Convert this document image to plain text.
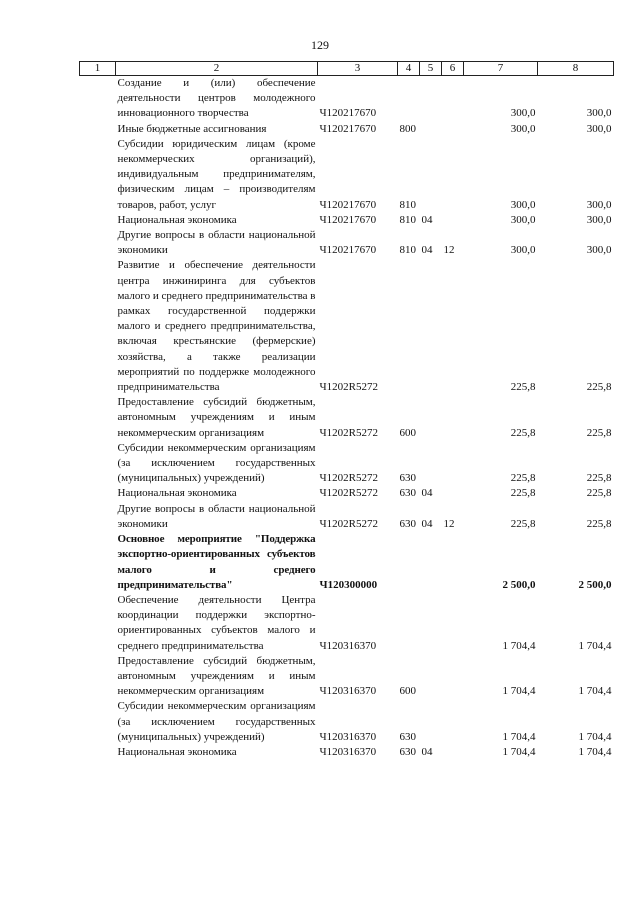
129
1	2	3	4	5	6	7	8
	Создание и (или) обеспечение деятельности центров молодежного инновационного творчества	Ч120217670				300,0	300,0
	Иные бюджетные ассигнования	Ч120217670	800			300,0	300,0
	Субсидии юридическим лицам (кроме некоммерческих организаций), индивидуальным предпринимателям, физическим лицам – производителям товаров, работ, услуг	Ч120217670	810			300,0	300,0
	Национальная экономика	Ч120217670	810	04		300,0	300,0
	Другие вопросы в области национальной экономики	Ч120217670	810	04	12	300,0	300,0
	Развитие и обеспечение деятельности центра инжиниринга для субъектов малого и среднего предпринимательства в рамках государственной поддержки малого и среднего предпринимательства, включая крестьянские (фермерские) хозяйства, а также реализации мероприятий по поддержке молодежного предпринимательства	Ч1202R5272				225,8	225,8
	Предоставление субсидий бюджетным, автономным учреждениям и иным некоммерческим организациям	Ч1202R5272	600			225,8	225,8
	Субсидии некоммерческим организациям (за исключением государственных (муниципальных) учреждений)	Ч1202R5272	630			225,8	225,8
	Национальная экономика	Ч1202R5272	630	04		225,8	225,8
	Другие вопросы в области национальной экономики	Ч1202R5272	630	04	12	225,8	225,8
	Основное мероприятие "Поддержка экспортно-ориентированных субъектов малого и среднего предпринимательства"	Ч120300000				2 500,0	2 500,0
	Обеспечение деятельности Центра координации поддержки экспортно-ориентированных субъектов малого и среднего предпринимательства	Ч120316370				1 704,4	1 704,4
	Предоставление субсидий бюджетным, автономным учреждениям и иным некоммерческим организациям	Ч120316370	600			1 704,4	1 704,4
	Субсидии некоммерческим организациям (за исключением государственных (муниципальных) учреждений)	Ч120316370	630			1 704,4	1 704,4
	Национальная экономика	Ч120316370	630	04		1 704,4	1 704,4
